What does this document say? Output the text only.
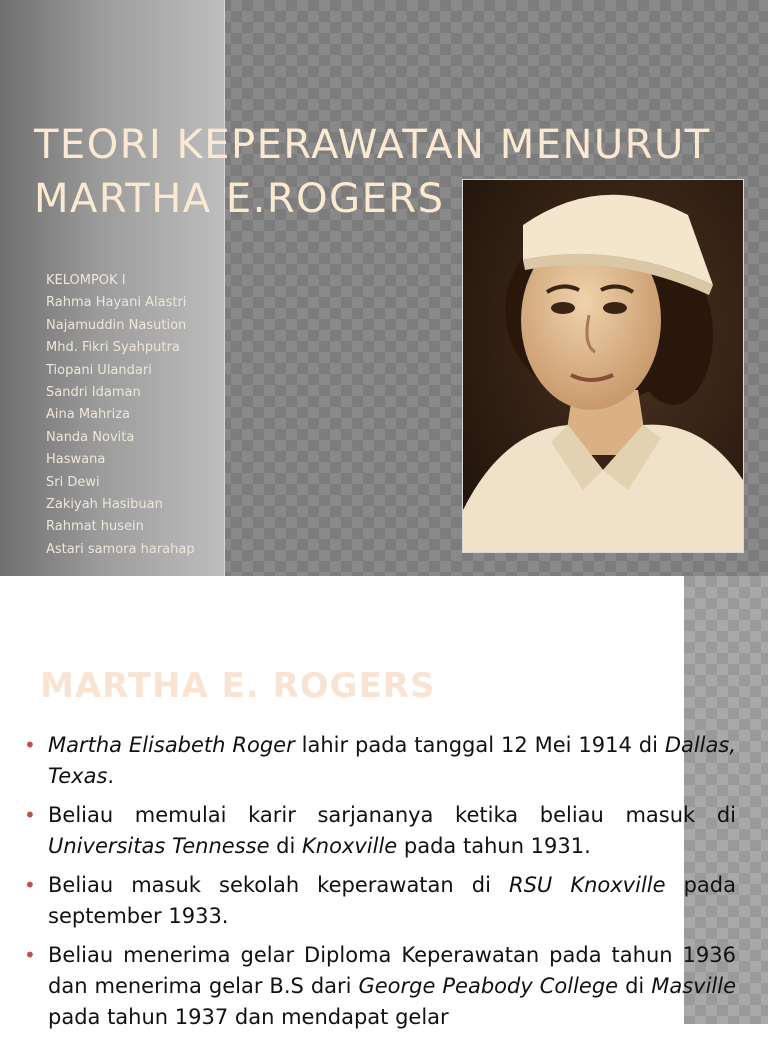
TEORI KEPERAWATAN MENURUT
MARTHA E.ROGERS
KELOMPOK I
Rahma Hayani Alastri
Najamuddin Nasution
Mhd. Fikri Syahputra
Tiopani Ulandari
Sandri Idaman
Aina Mahriza
Nanda Novita
Haswana
Sri Dewi
Zakiyah Hasibuan
Rahmat husein
Astari samora harahap
MARTHA E. ROGERS
• Martha Elisabeth Roger lahir pada tanggal 12 Mei 1914 di Dallas, Texas.
• Beliau memulai karir sarjananya ketika beliau masuk di Universitas Tennesse di Knoxville pada tahun 1931.
• Beliau masuk sekolah keperawatan di RSU Knoxville pada september 1933.
• Beliau menerima gelar Diploma Keperawatan pada tahun 1936 dan menerima gelar B.S dari George Peabody College di Masville pada tahun 1937 dan mendapat gelar
